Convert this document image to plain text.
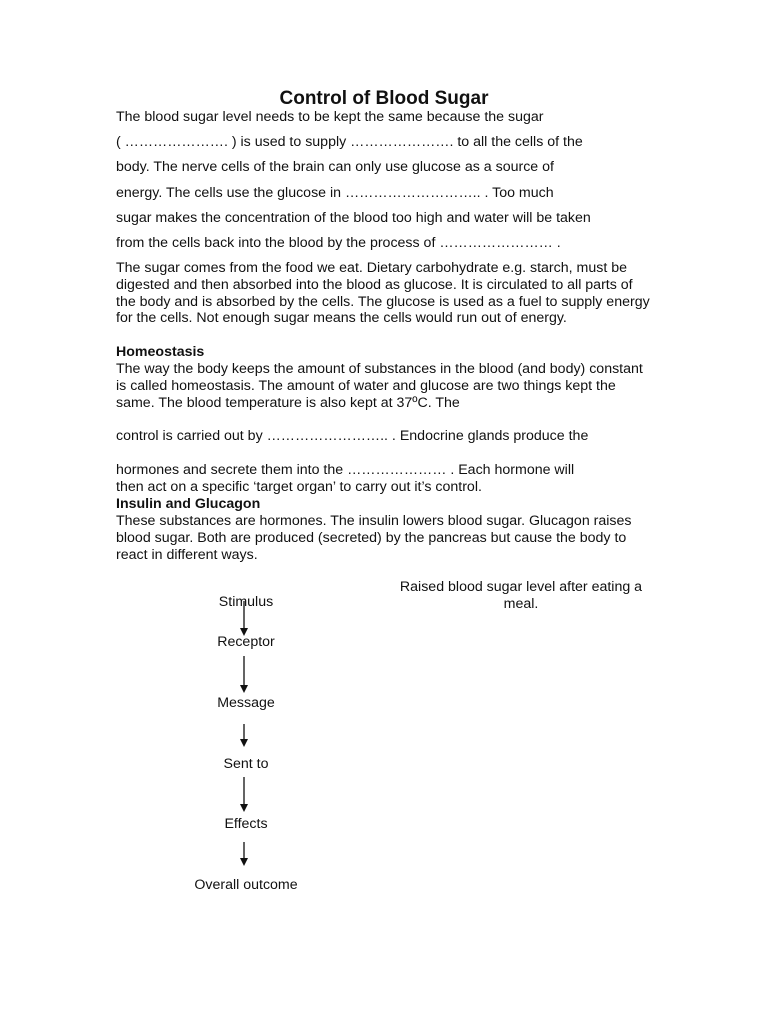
Control of Blood Sugar
The blood sugar level needs to be kept the same because the sugar
( …………………. ) is used to supply …………………. to all the cells of the
body. The nerve cells of the brain can only use glucose as a source of
energy. The cells use the glucose in ……………………….. . Too much
sugar makes the concentration of the blood too high and water will be taken
from the cells back into the blood by the process of …………………… .
The sugar comes from the food we eat. Dietary carbohydrate e.g. starch, must be digested and then absorbed into the blood as glucose. It is circulated to all parts of the body and is absorbed by the cells. The glucose is used as a fuel to supply energy for the cells. Not enough sugar means the cells would run out of energy.
Homeostasis
The way the body keeps the amount of substances in the blood (and body) constant is called homeostasis. The amount of water and glucose are two things kept the same. The blood temperature is also kept at 37ºC. The
control is carried out by …………………….. . Endocrine glands produce the
hormones and secrete them into the ………………… . Each hormone will
then act on a specific ‘target organ’ to carry out it’s control.
Insulin and Glucagon
These substances are hormones. The insulin lowers blood sugar. Glucagon raises blood sugar. Both are produced (secreted) by the pancreas but cause the body to react in different ways.
Raised blood sugar level after eating a meal.
Stimulus
Receptor
Message
Sent to
Effects
Overall outcome
